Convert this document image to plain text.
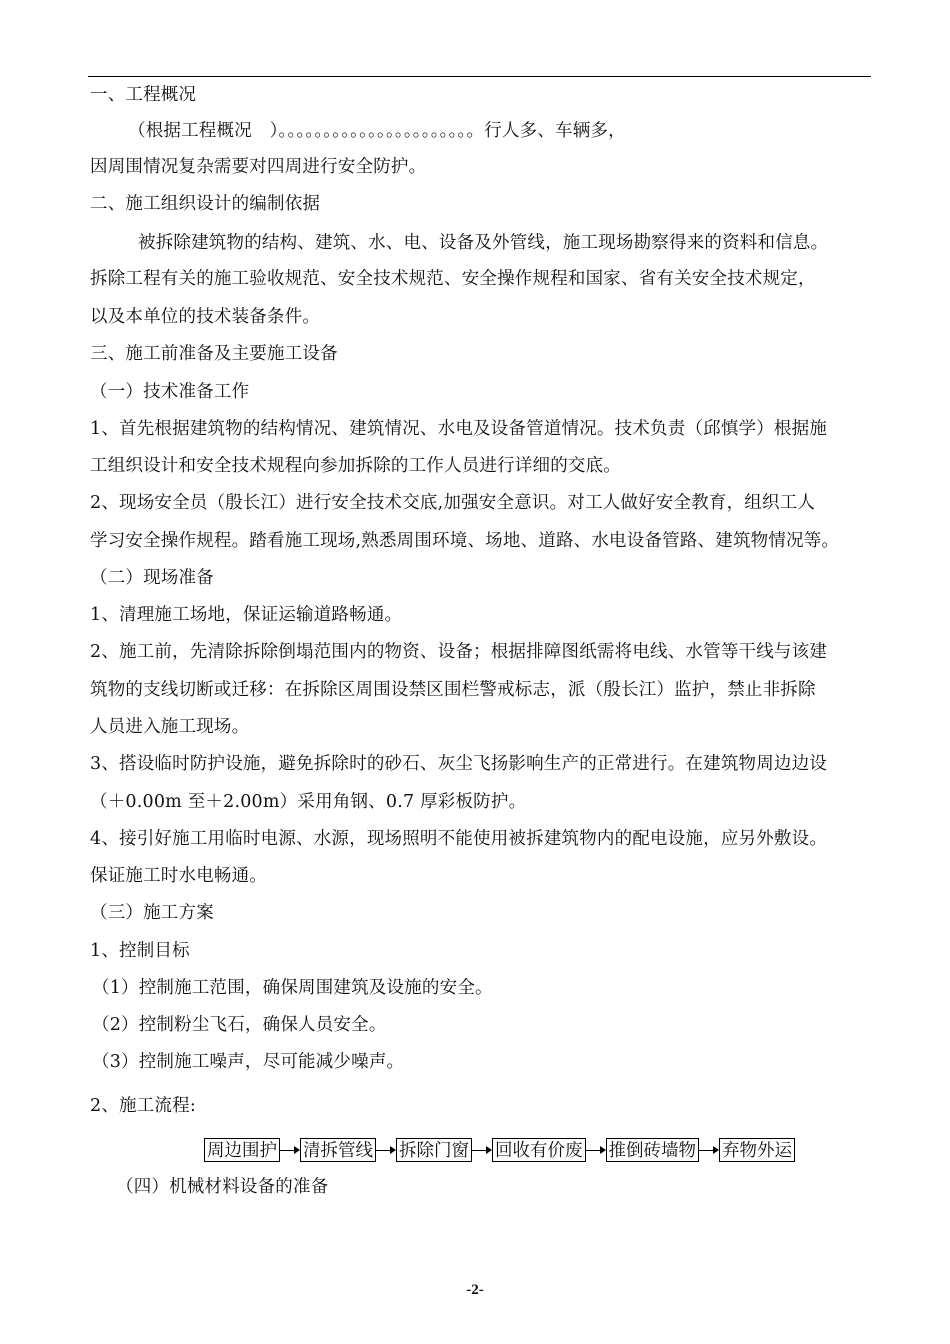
一、工程概况
（根据工程概况　）。。。。。。。。。。。。。。。。。。。。。。行人多、车辆多，
因周围情况复杂需要对四周进行安全防护。
二、施工组织设计的编制依据
被拆除建筑物的结构、建筑、水、电、设备及外管线，施工现场勘察得来的资料和信息。
拆除工程有关的施工验收规范、安全技术规范、安全操作规程和国家、省有关安全技术规定，
以及本单位的技术装备条件。
三、施工前准备及主要施工设备
（一）技术准备工作
1、首先根据建筑物的结构情况、建筑情况、水电及设备管道情况。技术负责（邱慎学）根据施
工组织设计和安全技术规程向参加拆除的工作人员进行详细的交底。
2、现场安全员（殷长江）进行安全技术交底,加强安全意识。对工人做好安全教育，组织工人
学习安全操作规程。踏看施工现场,熟悉周围环境、场地、道路、水电设备管路、建筑物情况等。
（二）现场准备
1、清理施工场地，保证运输道路畅通。
2、施工前，先清除拆除倒塌范围内的物资、设备；根据排障图纸需将电线、水管等干线与该建
筑物的支线切断或迁移：在拆除区周围设禁区围栏警戒标志，派（殷长江）监护，禁止非拆除
人员进入施工现场。
3、搭设临时防护设施，避免拆除时的砂石、灰尘飞扬影响生产的正常进行。在建筑物周边边设
（＋0.00m 至＋2.00m）采用角钢、0.7 厚彩板防护。
4、接引好施工用临时电源、水源，现场照明不能使用被拆建筑物内的配电设施，应另外敷设。
保证施工时水电畅通。
（三）施工方案
1、控制目标
（1）控制施工范围，确保周围建筑及设施的安全。
（2）控制粉尘飞石，确保人员安全。
（3）控制施工噪声，尽可能减少噪声。
2、施工流程:
周边围护 清拆管线 拆除门窗 回收有价废 推倒砖墙物 弃物外运
（四）机械材料设备的准备
-2-
